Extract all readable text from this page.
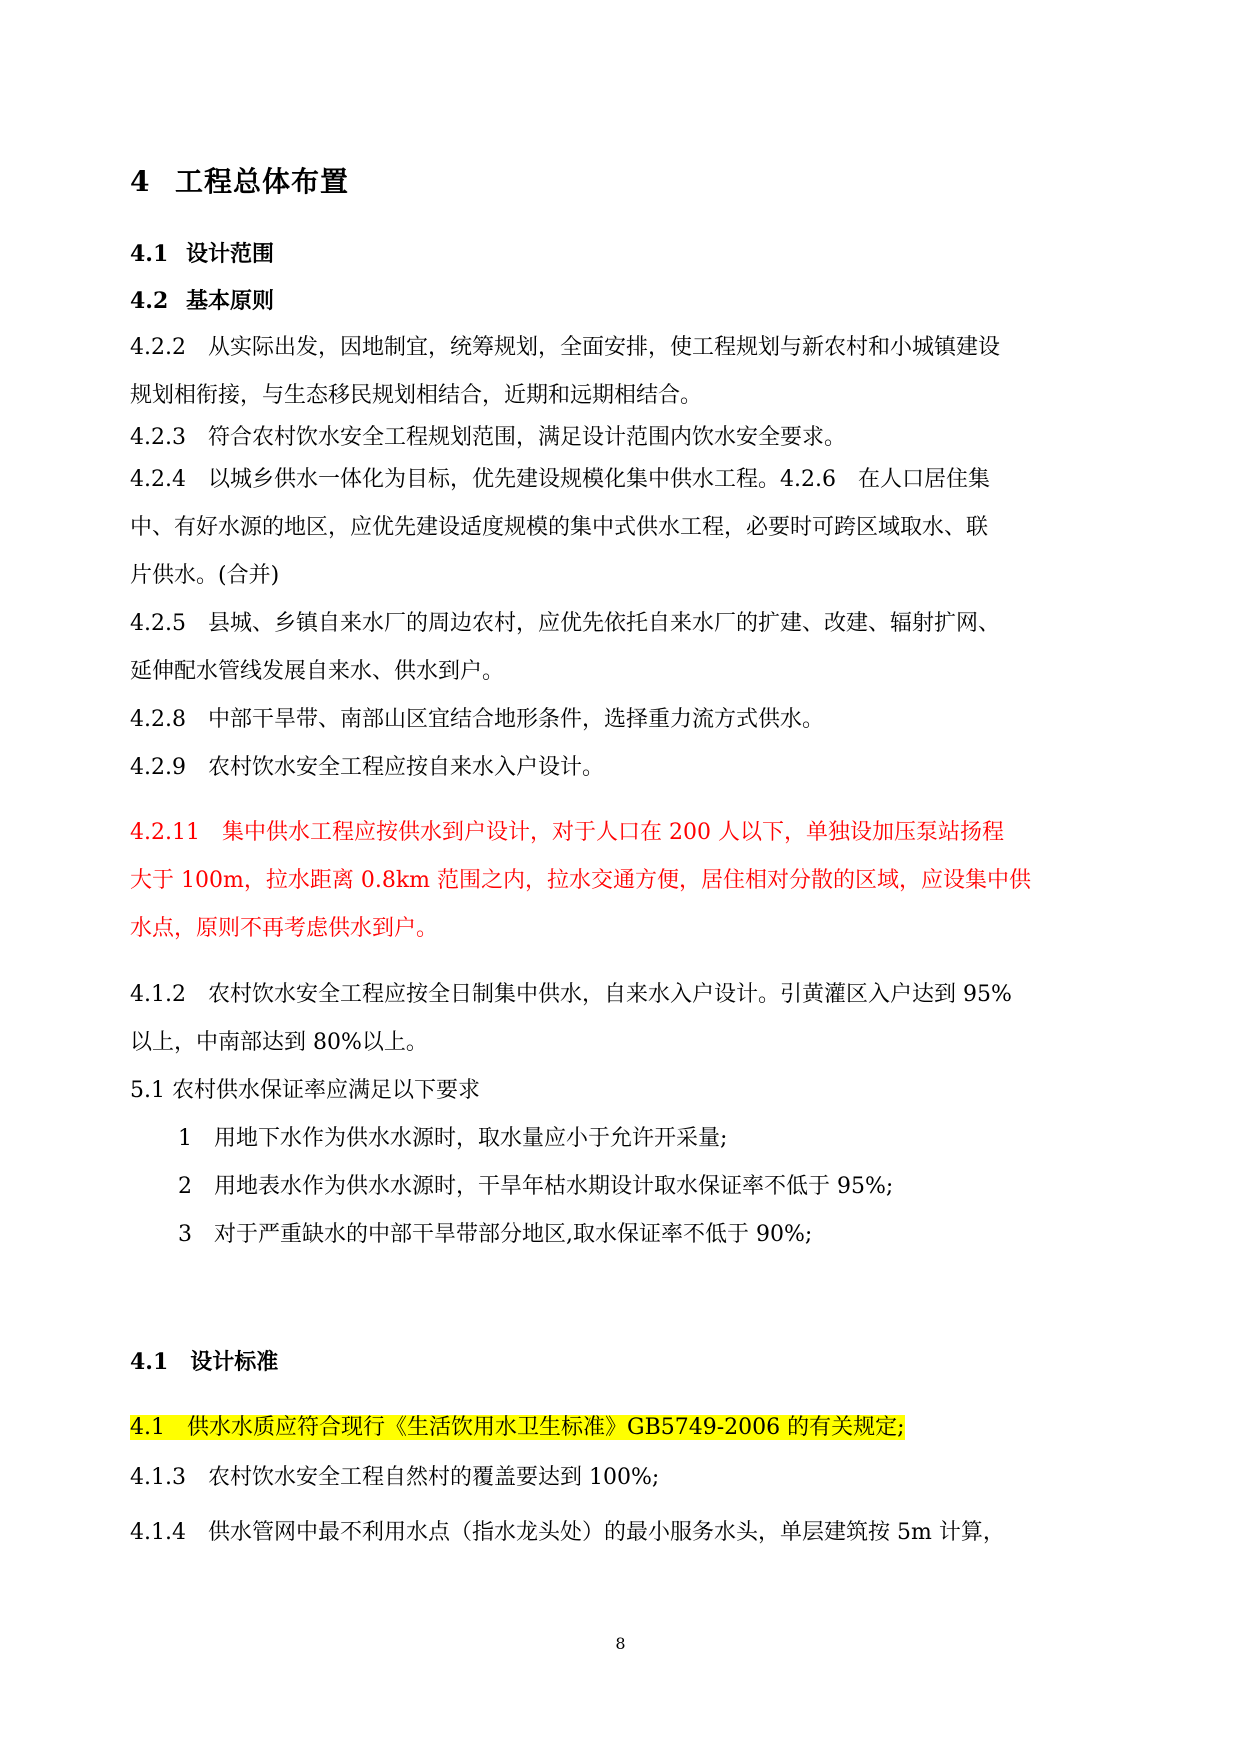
4 工程总体布置
4.1 设计范围
4.2 基本原则
4.2.2　从实际出发，因地制宜，统筹规划，全面安排，使工程规划与新农村和小城镇建设
规划相衔接，与生态移民规划相结合，近期和远期相结合。
4.2.3　符合农村饮水安全工程规划范围，满足设计范围内饮水安全要求。
4.2.4　以城乡供水一体化为目标，优先建设规模化集中供水工程。4.2.6　在人口居住集
中、有好水源的地区，应优先建设适度规模的集中式供水工程，必要时可跨区域取水、联
片供水。(合并)
4.2.5　县城、乡镇自来水厂的周边农村，应优先依托自来水厂的扩建、改建、辐射扩网、
延伸配水管线发展自来水、供水到户。
4.2.8　中部干旱带、南部山区宜结合地形条件，选择重力流方式供水。
4.2.9　农村饮水安全工程应按自来水入户设计。
4.2.11　集中供水工程应按供水到户设计，对于人口在 200 人以下，单独设加压泵站扬程
大于 100m，拉水距离 0.8km 范围之内，拉水交通方便，居住相对分散的区域，应设集中供
水点，原则不再考虑供水到户。
4.1.2　农村饮水安全工程应按全日制集中供水，自来水入户设计。引黄灌区入户达到 95%
以上，中南部达到 80%以上。
5.1 农村供水保证率应满足以下要求
1　用地下水作为供水水源时，取水量应小于允许开采量;
2　用地表水作为供水水源时，干旱年枯水期设计取水保证率不低于 95%;
3　对于严重缺水的中部干旱带部分地区,取水保证率不低于 90%;
4.1　设计标准
4.1　供水水质应符合现行《生活饮用水卫生标准》GB5749-2006 的有关规定;
4.1.3　农村饮水安全工程自然村的覆盖要达到 100%;
4.1.4　供水管网中最不利用水点（指水龙头处）的最小服务水头，单层建筑按 5m 计算，
8
